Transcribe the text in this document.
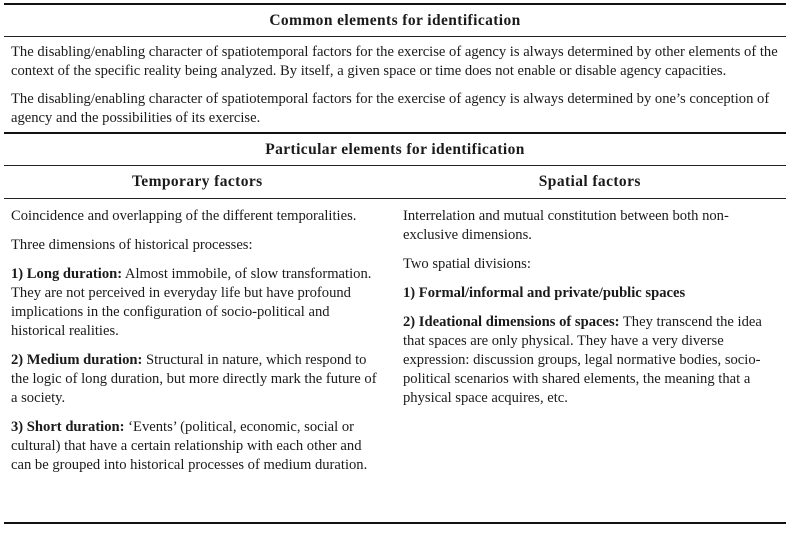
Common elements for identification

The disabling/enabling character of spatiotemporal factors for the exercise of agency is always determined by other elements of the context of the specific reality being analyzed. By itself, a given space or time does not enable or disable agency capacities.

The disabling/enabling character of spatiotemporal factors for the exercise of agency is always determined by one’s conception of agency and the possibilities of its exercise.

Particular elements for identification
Temporary factors	Spatial factors

Coincidence and overlapping of the different temporalities.

Three dimensions of historical processes:

1) Long duration: Almost immobile, of slow transformation. They are not perceived in everyday life but have profound implications in the configuration of socio-political and historical realities.

2) Medium duration: Structural in nature, which respond to the logic of long duration, but more directly mark the future of a society.

3) Short duration: ‘Events’ (political, economic, social or cultural) that have a certain relationship with each other and can be grouped into historical processes of medium duration.

Interrelation and mutual constitution between both non-exclusive dimensions.

Two spatial divisions:

1) Formal/informal and private/public spaces

2) Ideational dimensions of spaces: They transcend the idea that spaces are only physical. They have a very diverse expression: discussion groups, legal normative bodies, socio-political scenarios with shared elements, the meaning that a physical space acquires, etc.
